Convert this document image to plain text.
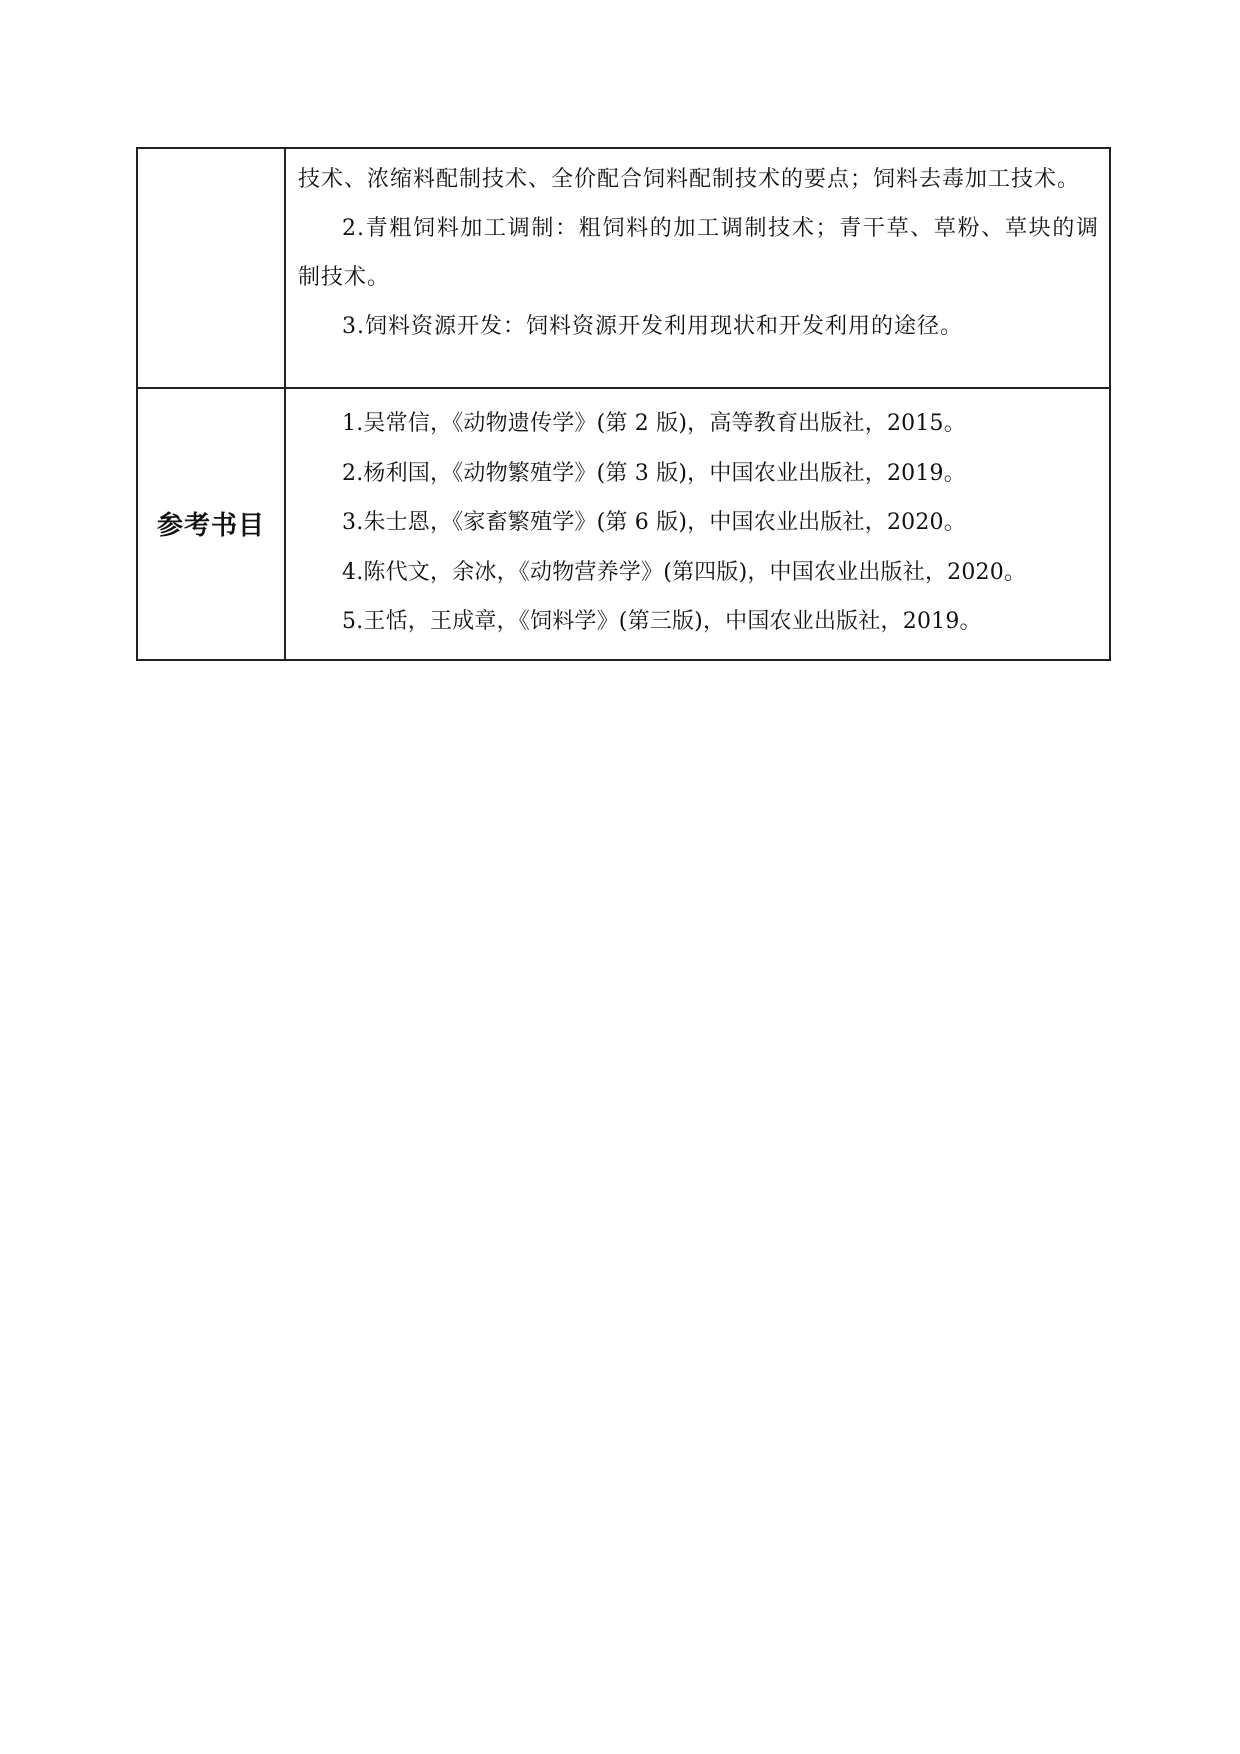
	技术、浓缩料配制技术、全价配合饲料配制技术的要点；饲料去毒加工技术。

2.青粗饲料加工调制：粗饲料的加工调制技术；青干草、草粉、草块的调制技术。

3.饲料资源开发：饲料资源开发利用现状和开发利用的途径。

参考书目	1.吴常信，《动物遗传学》(第 2 版)，高等教育出版社，2015。

2.杨利国，《动物繁殖学》(第 3 版)，中国农业出版社，2019。

3.朱士恩，《家畜繁殖学》(第 6 版)，中国农业出版社，2020。

4.陈代文，余冰，《动物营养学》(第四版)，中国农业出版社，2020。

5.王恬，王成章，《饲料学》(第三版)，中国农业出版社，2019。
